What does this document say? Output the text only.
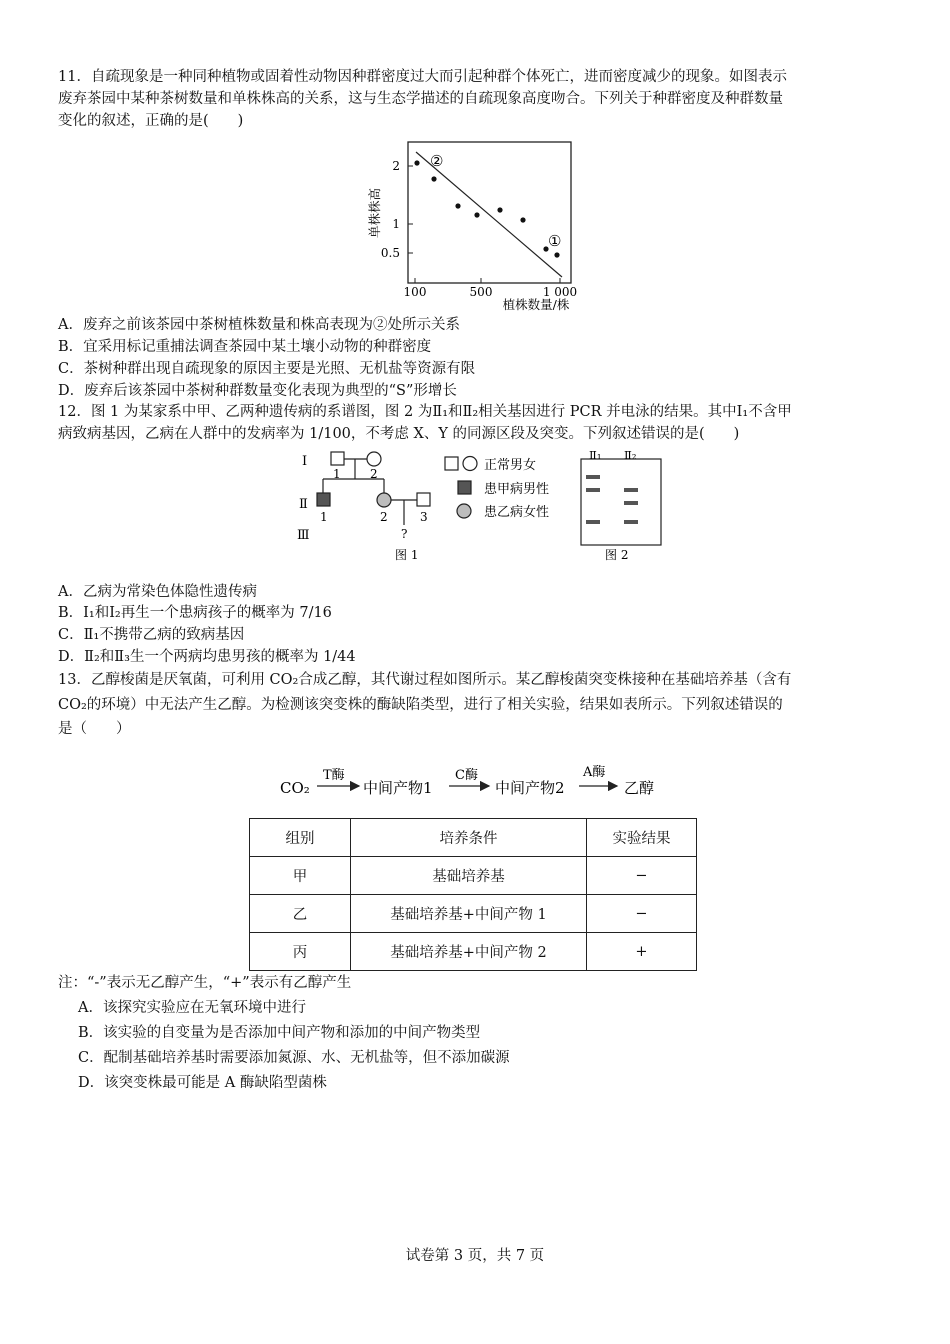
11．自疏现象是一种同种植物或固着性动物因种群密度过大而引起种群个体死亡，进而密度减少的现象。如图表示
废弃茶园中某种茶树数量和单株株高的关系，这与生态学描述的自疏现象高度吻合。下列关于种群密度及种群数量
变化的叙述，正确的是(　　)
2
1
0.5
100	500	1 000
植株数量/株
单株株高
②
①
A．废弃之前该茶园中茶树植株数量和株高表现为②处所示关系
B．宜采用标记重捕法调查茶园中某土壤小动物的种群密度
C．茶树种群出现自疏现象的原因主要是光照、无机盐等资源有限
D．废弃后该茶园中茶树种群数量变化表现为典型的“S”形增长
12．图 1 为某家系中甲、乙两种遗传病的系谱图，图 2 为Ⅱ₁和Ⅱ₂相关基因进行 PCR 并电泳的结果。其中Ⅰ₁不含甲
病致病基因，乙病在人群中的发病率为 1/100，不考虑 X、Y 的同源区段及突变。下列叙述错误的是(　　)
Ⅰ
Ⅱ
Ⅲ
1 2
1	2	3
?
图 1
正常男女
患甲病男性
患乙病女性
Ⅱ₁ Ⅱ₂
图 2
A．乙病为常染色体隐性遗传病
B．Ⅰ₁和Ⅰ₂再生一个患病孩子的概率为 7/16
C．Ⅱ₁不携带乙病的致病基因
D．Ⅱ₂和Ⅱ₃生一个两病均患男孩的概率为 1/44
13．乙醇梭菌是厌氧菌，可利用 CO₂合成乙醇，其代谢过程如图所示。某乙醇梭菌突变株接种在基础培养基（含有
CO₂的环境）中无法产生乙醇。为检测该突变株的酶缺陷类型，进行了相关实验，结果如表所示。下列叙述错误的
是（　　）
CO₂
T酶
中间产物1
C酶
中间产物2
A酶
乙醇
组别	培养条件	实验结果
甲	基础培养基	−
乙	基础培养基+中间产物 1	−
丙	基础培养基+中间产物 2	+
注：“-”表示无乙醇产生，“+”表示有乙醇产生
A．该探究实验应在无氧环境中进行
B．该实验的自变量为是否添加中间产物和添加的中间产物类型
C．配制基础培养基时需要添加氮源、水、无机盐等，但不添加碳源
D．该突变株最可能是 A 酶缺陷型菌株
试卷第 3 页，共 7 页
